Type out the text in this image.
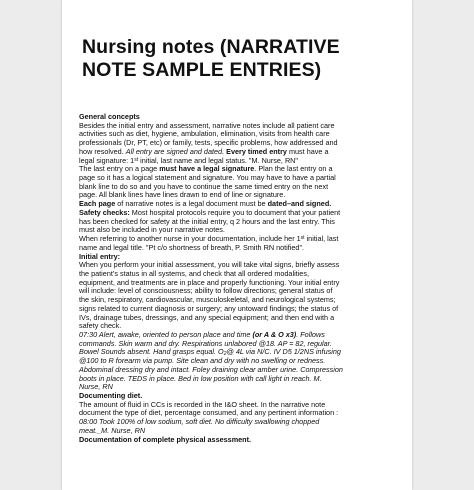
Nursing notes (NARRATIVE
NOTE SAMPLE ENTRIES)
General concepts
Besides the initial entry and assessment, narrative notes include all patient care
activities such as diet, hygiene, ambulation, elimination, visits from health care
professionals (Dr, PT, etc) or family, tests, specific problems, how addressed and
how resolved. All entry are signed and dated. Every timed entry must have a
legal signature: 1st initial, last name and legal status. "M. Nurse, RN"
The last entry on a page must have a legal signature. Plan the last entry on a
page so it has a logical statement and signature. You may have to have a partial
blank line to do so and you have to continue the same timed entry on the next
page. All blank lines have lines drawn to end of line or signature.
Each page of narrative notes is a legal document must be dated–and signed.
Safety checks: Most hospital protocols require you to document that your patient
has been checked for safety at the initial entry, q 2 hours and the last entry. This
must also be included in your narrative notes.
When referring to another nurse in your documentation, include her 1st initial, last
name and legal title. "Pt c/o shortness of breath, P. Smith RN notified".
Initial entry:
When you perform your initial assessment, you will take vital signs, briefly assess
the patient’s status in all systems, and check that all ordered modalities,
equipment, and treatments are in place and properly functioning. Your initial entry
will include: level of consciousness; ability to follow directions; general status of
the skin, respiratory, cardiovascular, musculoskeletal, and neurological systems;
signs related to current diagnosis or surgery; any untoward findings; the status of
IVs, drainage tubes, dressings, and any special equipment; and then end with a
safety check.
07:30 Alert, awake, oriented to person place and time (or A & O x3). Follows
commands. Skin warm and dry. Respirations unlabored @18. AP = 82, regular.
Bowel Sounds absent. Hand grasps equal. $O_2@$ 4L via N/C. IV D5 1/2NS infusing
@100 to R forearm via pump. Site clean and dry with no swelling or redness.
Abdominal dressing dry and intact. Foley draining clear amber urine. Compression
boots in place. TEDS in place. Bed in low position with call light in reach. M.
Nurse, RN
Documenting diet.
The amount of fluid in CCs is recorded in the I&O sheet. In the narrative note
document the type of diet, percentage consumed, and any pertinent information :
08:00 Took 100% of low sodium, soft diet. No difficulty swallowing chopped
meat._M. Nurse, RN
Documentation of complete physical assessment.
